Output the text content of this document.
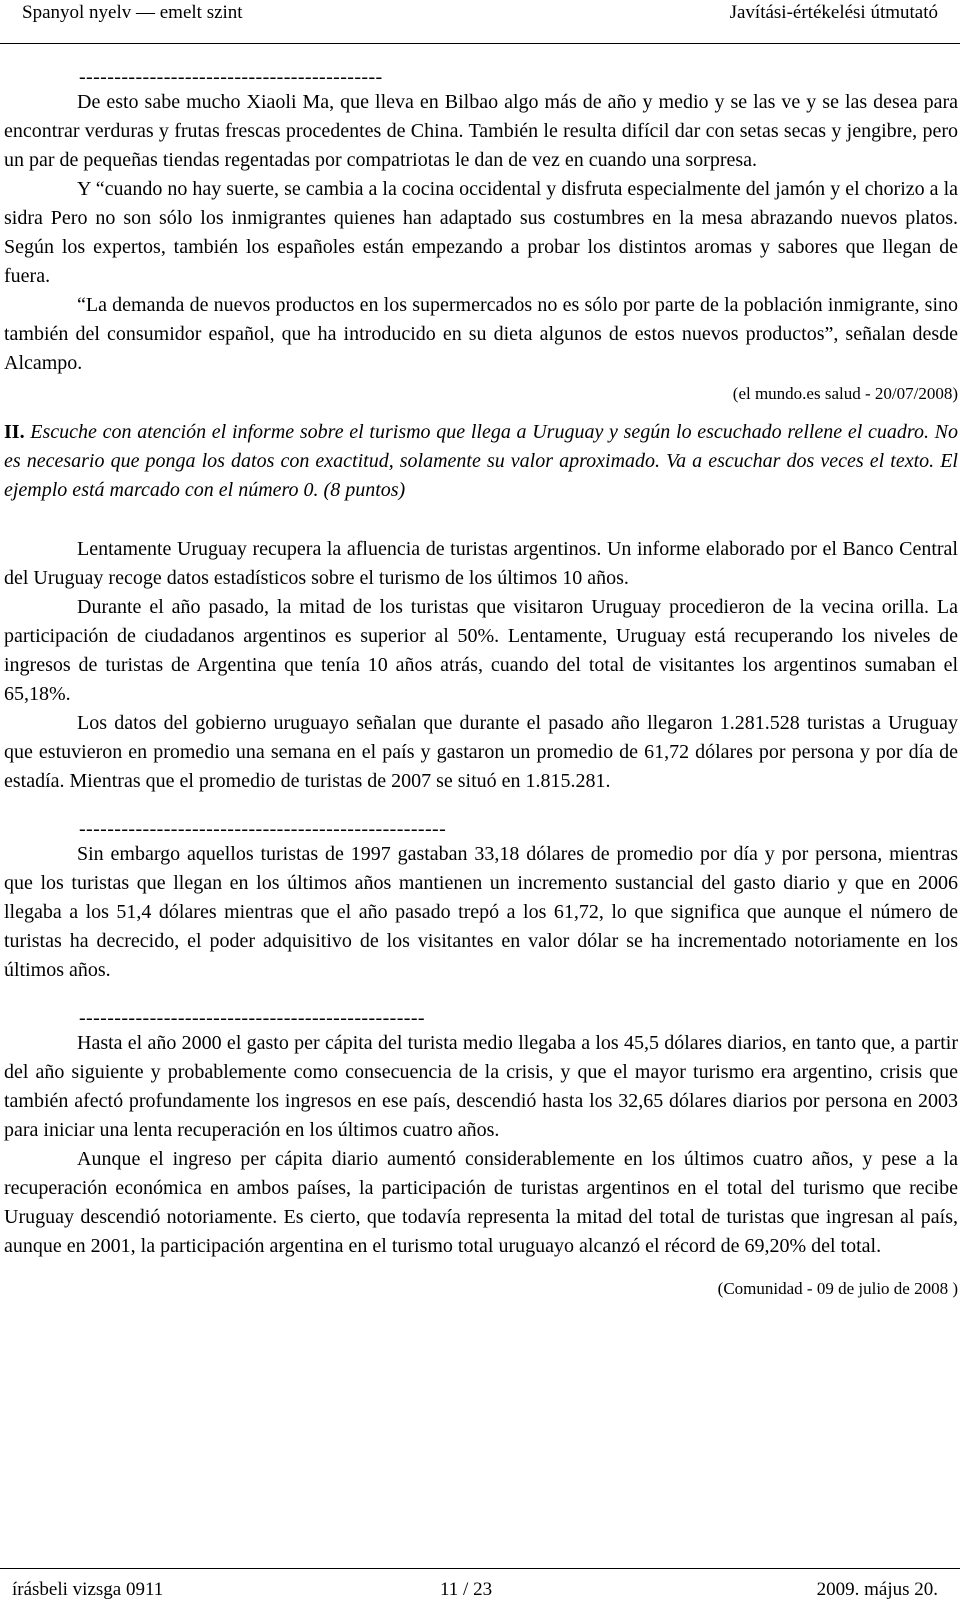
Spanyol nyelv — emelt szint	Javítási-értékelési útmutató
-------------------------------------------

De esto sabe mucho Xiaoli Ma, que lleva en Bilbao algo más de año y medio y se las ve y se las desea para encontrar verduras y frutas frescas procedentes de China. También le resulta difícil dar con setas secas y jengibre, pero un par de pequeñas tiendas regentadas por compatriotas le dan de vez en cuando una sorpresa.

Y “cuando no hay suerte, se cambia a la cocina occidental y disfruta especialmente del jamón y el chorizo a la sidra Pero no son sólo los inmigrantes quienes han adaptado sus costumbres en la mesa abrazando nuevos platos. Según los expertos, también los españoles están empezando a probar los distintos aromas y sabores que llegan de fuera.

“La demanda de nuevos productos en los supermercados no es sólo por parte de la población inmigrante, sino también del consumidor español, que ha introducido en su dieta algunos de estos nuevos productos”, señalan desde Alcampo.

(el mundo.es salud - 20/07/2008)

II. Escuche con atención el informe sobre el turismo que llega a Uruguay y según lo escuchado rellene el cuadro. No es necesario que ponga los datos con exactitud, solamente su valor aproximado. Va a escuchar dos veces el texto. El ejemplo está marcado con el número 0. (8 puntos)

Lentamente Uruguay recupera la afluencia de turistas argentinos. Un informe elaborado por el Banco Central del Uruguay recoge datos estadísticos sobre el turismo de los últimos 10 años.

Durante el año pasado, la mitad de los turistas que visitaron Uruguay procedieron de la vecina orilla. La participación de ciudadanos argentinos es superior al 50%. Lentamente, Uruguay está recuperando los niveles de ingresos de turistas de Argentina que tenía 10 años atrás, cuando del total de visitantes los argentinos sumaban el 65,18%.

Los datos del gobierno uruguayo señalan que durante el pasado año llegaron 1.281.528 turistas a Uruguay que estuvieron en promedio una semana en el país y gastaron un promedio de 61,72 dólares por persona y por día de estadía. Mientras que el promedio de turistas de 2007 se situó en 1.815.281.

----------------------------------------------------

Sin embargo aquellos turistas de 1997 gastaban 33,18 dólares de promedio por día y por persona, mientras que los turistas que llegan en los últimos años mantienen un incremento sustancial del gasto diario y que en 2006 llegaba a los 51,4 dólares mientras que el año pasado trepó a los 61,72, lo que significa que aunque el número de turistas ha decrecido, el poder adquisitivo de los visitantes en valor dólar se ha incrementado notoriamente en los últimos años.

-------------------------------------------------

Hasta el año 2000 el gasto per cápita del turista medio llegaba a los 45,5 dólares diarios, en tanto que, a partir del año siguiente y probablemente como consecuencia de la crisis, y que el mayor turismo era argentino, crisis que también afectó profundamente los ingresos en ese país, descendió hasta los 32,65 dólares diarios por persona en 2003 para iniciar una lenta recuperación en los últimos cuatro años.

Aunque el ingreso per cápita diario aumentó considerablemente en los últimos cuatro años, y pese a la recuperación económica en ambos países, la participación de turistas argentinos en el total del turismo que recibe Uruguay descendió notoriamente. Es cierto, que todavía representa la mitad del total de turistas que ingresan al país, aunque en 2001, la participación argentina en el turismo total uruguayo alcanzó el récord de 69,20% del total.

(Comunidad - 09 de julio de 2008 )

írásbeli vizsga 0911	11 / 23	2009. május 20.
